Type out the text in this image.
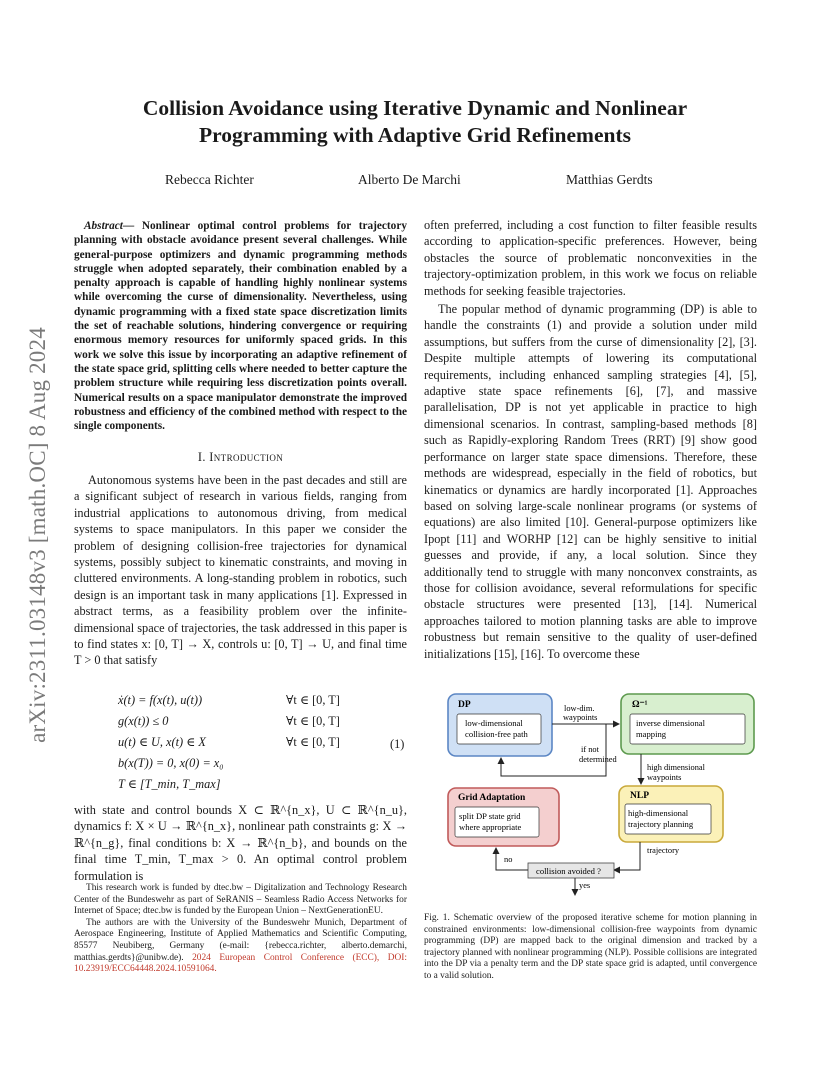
arXiv:2311.03148v3 [math.OC] 8 Aug 2024
Collision Avoidance using Iterative Dynamic and Nonlinear
Programming with Adaptive Grid Refinements
Rebecca Richter	Alberto De Marchi	Matthias Gerdts
Abstract— Nonlinear optimal control problems for trajectory planning with obstacle avoidance present several challenges. While general-purpose optimizers and dynamic programming methods struggle when adopted separately, their combination enabled by a penalty approach is capable of handling highly nonlinear systems while overcoming the curse of dimensionality. Nevertheless, using dynamic programming with a fixed state space discretization limits the set of reachable solutions, hindering convergence or requiring enormous memory resources for uniformly spaced grids. In this work we solve this issue by incorporating an adaptive refinement of the state space grid, splitting cells where needed to better capture the problem structure while requiring less discretization points overall. Numerical results on a space manipulator demonstrate the improved robustness and efficiency of the combined method with respect to the single components.
I. Introduction

Autonomous systems have been in the past decades and still are a significant subject of research in various fields, ranging from industrial applications to autonomous driving, from medical systems to space manipulators. In this paper we consider the problem of designing collision-free trajectories for dynamical systems, possibly subject to kinematic constraints, and moving in cluttered environments. A long-standing problem in robotics, such design is an important task in many applications [1]. Expressed in abstract terms, as a feasibility problem over the infinite-dimensional space of trajectories, the task addressed in this paper is to find states x: [0, T] → X, controls u: [0, T] → U, and final time T > 0 that satisfy

ẋ(t) = f(x(t), u(t))	∀t ∈ [0, T]
g(x(t)) ≤ 0	∀t ∈ [0, T]
u(t) ∈ U, x(t) ∈ X	∀t ∈ [0, T]
b(x(T)) = 0, x(0) = x₀
T ∈ [T_min, T_max]
(1)

with state and control bounds X ⊂ ℝ^{n_x}, U ⊂ ℝ^{n_u}, dynamics f: X × U → ℝ^{n_x}, nonlinear path constraints g: X → ℝ^{n_g}, final conditions b: X → ℝ^{n_b}, and bounds on the final time T_min, T_max > 0. An optimal control problem formulation is

This research work is funded by dtec.bw – Digitalization and Technology Research Center of the Bundeswehr as part of SeRANIS – Seamless Radio Access Networks for Internet of Space; dtec.bw is funded by the European Union – NextGenerationEU.

The authors are with the University of the Bundeswehr Munich, Department of Aerospace Engineering, Institute of Applied Mathematics and Scientific Computing, 85577 Neubiberg, Germany (e-mail: {rebecca.richter, alberto.demarchi, matthias.gerdts}@unibw.de). 2024 European Control Conference (ECC), DOI: 10.23919/ECC64448.2024.10591064.

often preferred, including a cost function to filter feasible results according to application-specific preferences. However, being obstacles the source of problematic nonconvexities in the trajectory-optimization problem, in this work we focus on reliable methods for seeking feasible trajectories.

The popular method of dynamic programming (DP) is able to handle the constraints (1) and provide a solution under mild assumptions, but suffers from the curse of dimensionality [2], [3]. Despite multiple attempts of lowering its computational requirements, including enhanced sampling strategies [4], [5], adaptive state space refinements [6], [7], and massive parallelisation, DP is not yet applicable in practice to high dimensional scenarios. In contrast, sampling-based methods [8] such as Rapidly-exploring Random Trees (RRT) [9] show good performance on larger state space dimensions. Therefore, these methods are widespread, especially in the field of robotics, but kinematics or dynamics are hardly incorporated [1]. Approaches based on solving large-scale nonlinear programs (or systems of equations) are also limited [10]. General-purpose optimizers like Ipopt [11] and WORHP [12] can be highly sensitive to initial guesses and provide, if any, a local solution. Since they additionally tend to struggle with many nonconvex constraints, as those for collision avoidance, several reformulations for specific obstacle structures were presented [13], [14]. Numerical approaches tailored to motion planning tasks are able to improve robustness but remain sensitive to the quality of user-defined initializations [15], [16]. To overcome these

DP
low-dimensional
collision-free path
Ω⁻¹
inverse dimensional
mapping
Grid Adaptation
split DP state grid
where appropriate
NLP
high-dimensional
trajectory planning
low-dim.
waypoints
if not
determined
high dimensional
waypoints
trajectory
collision avoided ?
no
yes

Fig. 1. Schematic overview of the proposed iterative scheme for motion planning in constrained environments: low-dimensional collision-free waypoints from dynamic programming (DP) are mapped back to the original dimension and tracked by a trajectory planned with nonlinear programming (NLP). Possible collisions are integrated into the DP via a penalty term and the DP state space grid is adapted, until convergence to a valid solution.
